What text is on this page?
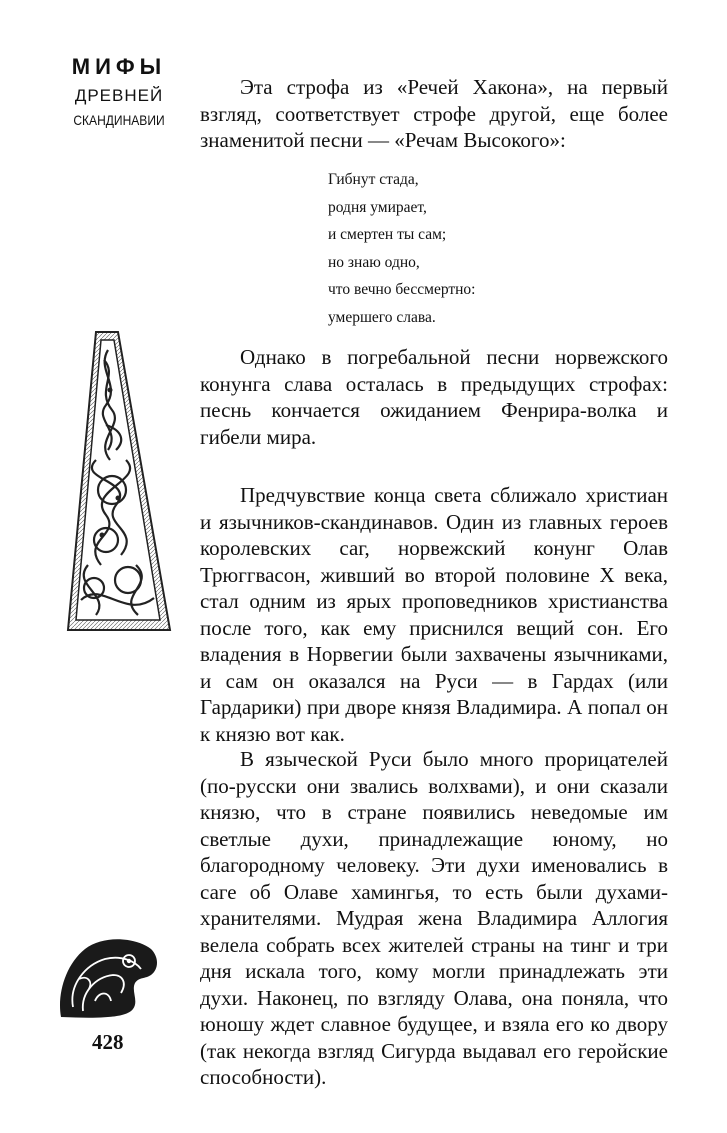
МИФЫ
ДРЕВНЕЙ
СКАНДИНАВИИ

Эта строфа из «Речей Хакона», на первый взгляд, соответствует строфе другой, еще более знаменитой песни — «Речам Высокого»:

Гибнут стада,
родня умирает,
и смертен ты сам;
но знаю одно,
что вечно бессмертно:
умершего слава.

Однако в погребальной песни норвежского конунга слава осталась в предыдущих строфах: песнь кончается ожиданием Фенрира-волка и гибели мира.

Предчувствие конца света сближало христиан и язычников-скандинавов. Один из главных героев королевских саг, норвежский конунг Олав Трюггвасон, живший во второй половине X века, стал одним из ярых проповедников христианства после того, как ему приснился вещий сон. Его владения в Норвегии были захвачены язычниками, и сам он оказался на Руси — в Гардах (или Гардарики) при дворе князя Владимира. А попал он к князю вот как.

В языческой Руси было много прорицателей (по-русски они звались волхвами), и они сказали князю, что в стране появились неведомые им светлые духи, принадлежащие юному, но благородному человеку. Эти духи именовались в саге об Олаве хамингья, то есть были духами-хранителями. Мудрая жена Владимира Аллогия велела собрать всех жителей страны на тинг и три дня искала того, кому могли принадлежать эти духи. Наконец, по взгляду Олава, она поняла, что юношу ждет славное будущее, и взяла его ко двору (так некогда взгляд Сигурда выдавал его геройские способности).

428
